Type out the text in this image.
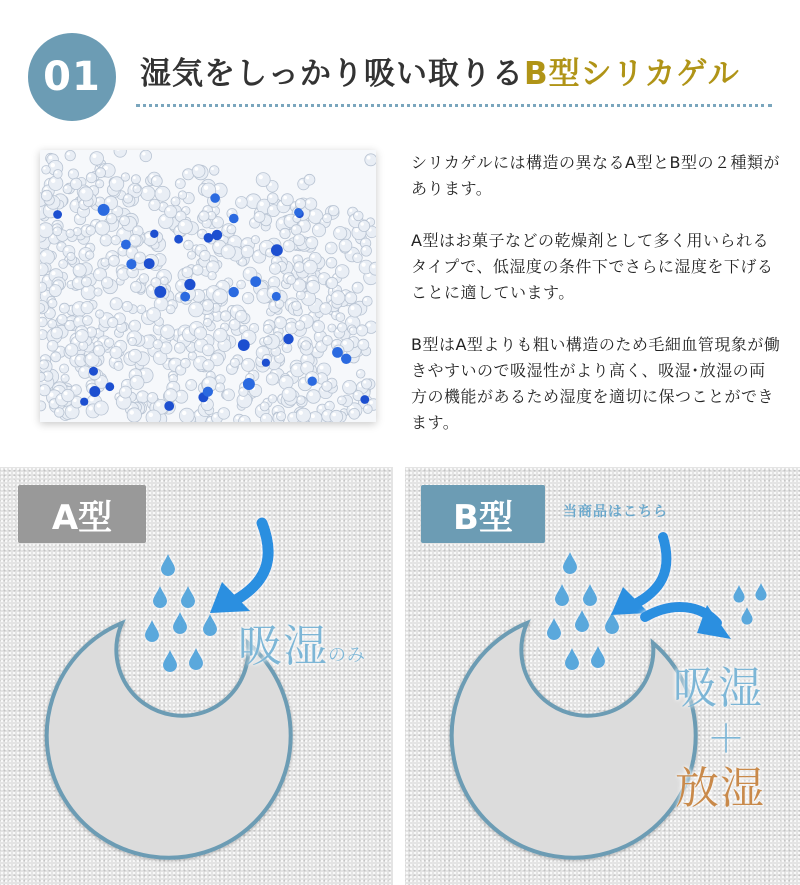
01	湿気をしっかり吸い取りるB型シリカゲル

シリカゲルには構造の異なるA型とB型の２種類があります。

A型はお菓子などの乾燥剤として多く用いられるタイプで、低湿度の条件下でさらに湿度を下げることに適しています。

B型はA型よりも粗い構造のため毛細血管現象が働きやすいので吸湿性がより高く、吸湿･放湿の両方の機能があるため湿度を適切に保つことができます。

A型
吸湿のみ
B型	当商品はこちら
吸湿
＋
放湿
